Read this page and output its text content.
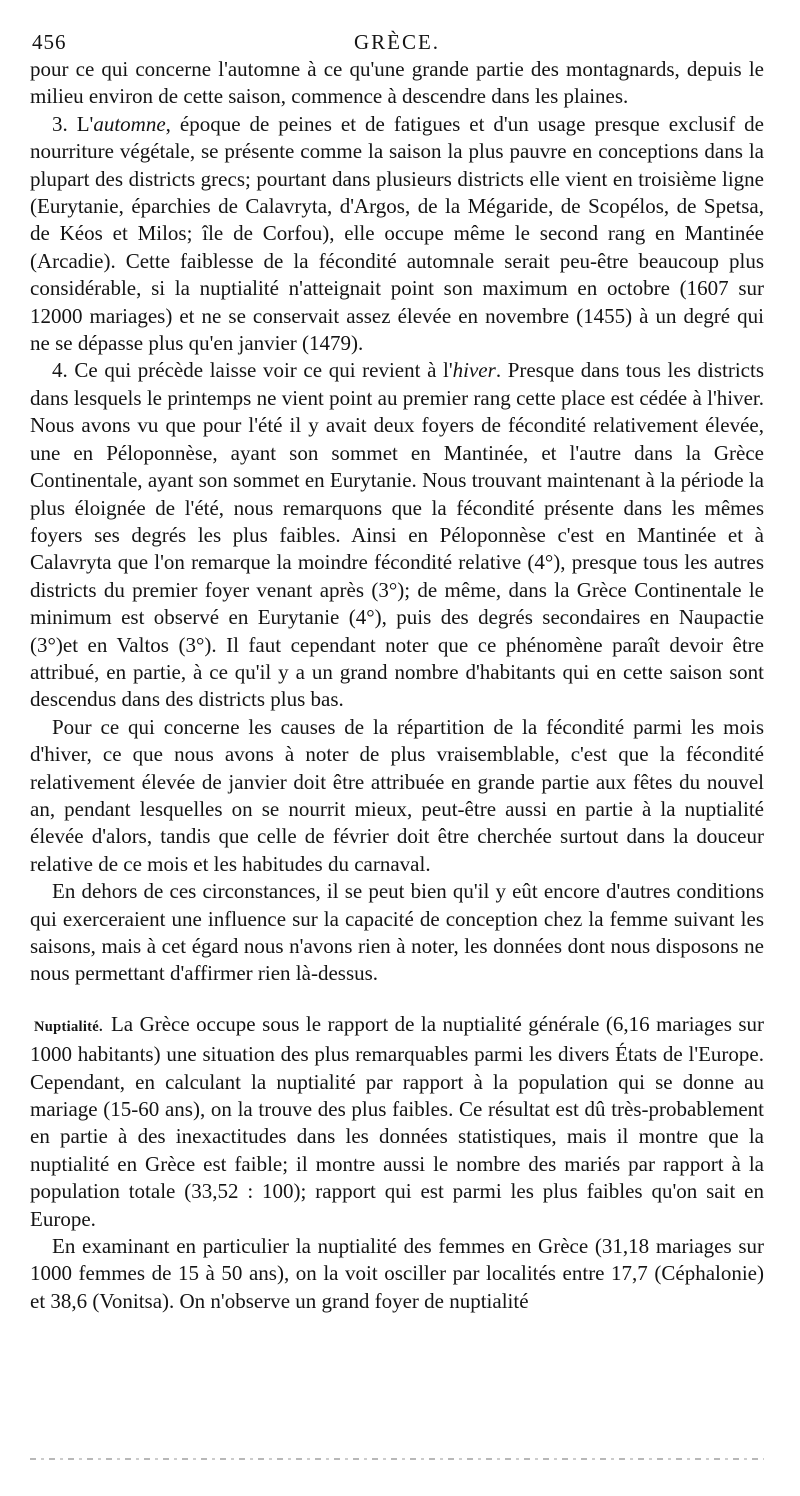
456	GRÈCE.

pour ce qui concerne l'automne à ce qu'une grande partie des montagnards, depuis le milieu environ de cette saison, commence à descendre dans les plaines.

3. L'automne, époque de peines et de fatigues et d'un usage presque exclusif de nourriture végétale, se présente comme la saison la plus pauvre en conceptions dans la plupart des districts grecs; pourtant dans plusieurs districts elle vient en troisième ligne (Eurytanie, éparchies de Calavryta, d'Argos, de la Mégaride, de Scopélos, de Spetsa, de Kéos et Milos; île de Corfou), elle occupe même le second rang en Mantinée (Arcadie). Cette faiblesse de la fécondité automnale serait peu-être beaucoup plus considérable, si la nuptialité n'atteignait point son maximum en octobre (1607 sur 12000 mariages) et ne se conservait assez élevée en novembre (1455) à un degré qui ne se dépasse plus qu'en janvier (1479).

4. Ce qui précède laisse voir ce qui revient à l'hiver. Presque dans tous les districts dans lesquels le printemps ne vient point au premier rang cette place est cédée à l'hiver. Nous avons vu que pour l'été il y avait deux foyers de fécondité relativement élevée, une en Péloponnèse, ayant son sommet en Mantinée, et l'autre dans la Grèce Continentale, ayant son sommet en Eurytanie. Nous trouvant maintenant à la période la plus éloignée de l'été, nous remarquons que la fécondité présente dans les mêmes foyers ses degrés les plus faibles. Ainsi en Péloponnèse c'est en Mantinée et à Calavryta que l'on remarque la moindre fécondité relative (4°), presque tous les autres districts du premier foyer venant après (3°); de même, dans la Grèce Continentale le minimum est observé en Eurytanie (4°), puis des degrés secondaires en Naupactie (3°)et en Valtos (3°). Il faut cependant noter que ce phénomène paraît devoir être attribué, en partie, à ce qu'il y a un grand nombre d'habitants qui en cette saison sont descendus dans des districts plus bas.

Pour ce qui concerne les causes de la répartition de la fécondité parmi les mois d'hiver, ce que nous avons à noter de plus vraisemblable, c'est que la fécondité relativement élevée de janvier doit être attribuée en grande partie aux fêtes du nouvel an, pendant lesquelles on se nourrit mieux, peut-être aussi en partie à la nuptialité élevée d'alors, tandis que celle de février doit être cherchée surtout dans la douceur relative de ce mois et les habitudes du carnaval.

En dehors de ces circonstances, il se peut bien qu'il y eût encore d'autres conditions qui exerceraient une influence sur la capacité de conception chez la femme suivant les saisons, mais à cet égard nous n'avons rien à noter, les données dont nous disposons ne nous permettant d'affirmer rien là-dessus.

Nuptialité. La Grèce occupe sous le rapport de la nuptialité générale (6,16 mariages sur 1000 habitants) une situation des plus remarquables parmi les divers États de l'Europe. Cependant, en calculant la nuptialité par rapport à la population qui se donne au mariage (15-60 ans), on la trouve des plus faibles. Ce résultat est dû très-probablement en partie à des inexactitudes dans les données statistiques, mais il montre que la nuptialité en Grèce est faible; il montre aussi le nombre des mariés par rapport à la population totale (33,52 : 100); rapport qui est parmi les plus faibles qu'on sait en Europe.

En examinant en particulier la nuptialité des femmes en Grèce (31,18 mariages sur 1000 femmes de 15 à 50 ans), on la voit osciller par localités entre 17,7 (Céphalonie) et 38,6 (Vonitsa). On n'observe un grand foyer de nuptialité
